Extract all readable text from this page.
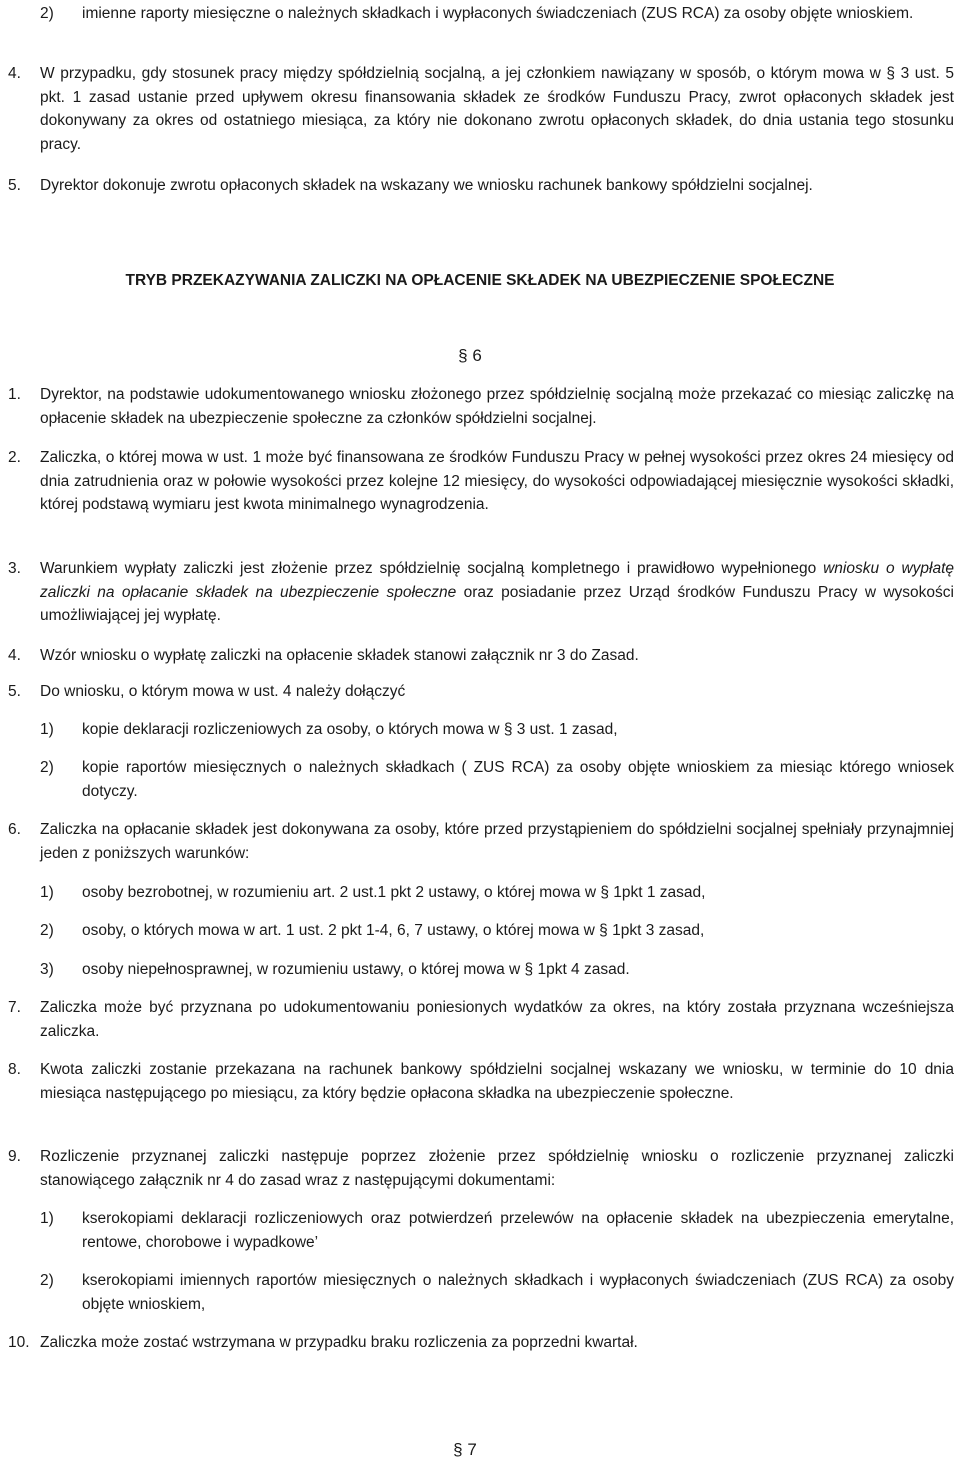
2)	imienne raporty miesięczne o należnych składkach i wypłaconych świadczeniach (ZUS RCA) za osoby objęte wnioskiem.
4.	W przypadku, gdy stosunek pracy między spółdzielnią socjalną, a jej członkiem nawiązany w sposób, o którym mowa w § 3 ust. 5 pkt. 1 zasad ustanie przed upływem okresu finansowania składek ze środków Funduszu Pracy, zwrot opłaconych składek jest dokonywany za okres od ostatniego miesiąca, za który nie dokonano zwrotu opłaconych składek, do dnia ustania tego stosunku pracy.
5.	Dyrektor dokonuje zwrotu opłaconych składek na wskazany we wniosku rachunek bankowy spółdzielni socjalnej.
TRYB PRZEKAZYWANIA ZALICZKI NA OPŁACENIE SKŁADEK NA UBEZPIECZENIE SPOŁECZNE
§ 6
1.	Dyrektor, na podstawie udokumentowanego wniosku złożonego przez spółdzielnię socjalną może przekazać co miesiąc zaliczkę na opłacenie składek na ubezpieczenie społeczne za członków spółdzielni socjalnej.
2.	Zaliczka, o której mowa w ust. 1 może być finansowana ze środków Funduszu Pracy w pełnej wysokości przez okres 24 miesięcy od dnia zatrudnienia oraz w połowie wysokości przez kolejne 12 miesięcy, do wysokości odpowiadającej miesięcznie wysokości składki, której podstawą wymiaru jest kwota minimalnego wynagrodzenia.
3.	Warunkiem wypłaty zaliczki jest złożenie przez spółdzielnię socjalną kompletnego i prawidłowo wypełnionego wniosku o wypłatę zaliczki na opłacanie składek na ubezpieczenie społeczne oraz posiadanie przez Urząd środków Funduszu Pracy w wysokości umożliwiającej jej wypłatę.
4.	Wzór wniosku o wypłatę zaliczki na opłacenie składek stanowi załącznik nr 3 do Zasad.
5.	Do wniosku, o którym mowa w ust. 4 należy dołączyć
1)	kopie deklaracji rozliczeniowych za osoby, o których mowa w § 3 ust. 1 zasad,
2)	kopie raportów miesięcznych o należnych składkach ( ZUS RCA) za osoby objęte wnioskiem za miesiąc którego wniosek dotyczy.
6.	Zaliczka na opłacanie składek jest dokonywana za osoby, które przed przystąpieniem do spółdzielni socjalnej spełniały przynajmniej jeden z poniższych warunków:
1)	osoby bezrobotnej, w rozumieniu art. 2 ust.1 pkt 2 ustawy, o której mowa w § 1pkt 1 zasad,
2)	osoby, o których mowa w art. 1 ust. 2 pkt 1-4, 6, 7 ustawy, o której mowa w § 1pkt 3 zasad,
3)	osoby niepełnosprawnej, w rozumieniu ustawy, o której mowa w § 1pkt 4 zasad.
7.	Zaliczka może być przyznana po udokumentowaniu poniesionych wydatków za okres, na który została przyznana wcześniejsza zaliczka.
8.	Kwota zaliczki zostanie przekazana na rachunek bankowy spółdzielni socjalnej wskazany we wniosku, w terminie do 10 dnia miesiąca następującego po miesiącu, za który będzie opłacona składka na ubezpieczenie społeczne.
9.	Rozliczenie przyznanej zaliczki następuje poprzez złożenie przez spółdzielnię wniosku o rozliczenie przyznanej zaliczki stanowiącego załącznik nr 4 do zasad wraz z następującymi dokumentami:
1)	kserokopiami deklaracji rozliczeniowych oraz potwierdzeń przelewów na opłacenie składek na ubezpieczenia emerytalne, rentowe, chorobowe i wypadkowe’
2)	kserokopiami imiennych raportów miesięcznych o należnych składkach i wypłaconych świadczeniach (ZUS RCA) za osoby objęte wnioskiem,
10. Zaliczka może zostać wstrzymana w przypadku braku rozliczenia za poprzedni kwartał.
§ 7
